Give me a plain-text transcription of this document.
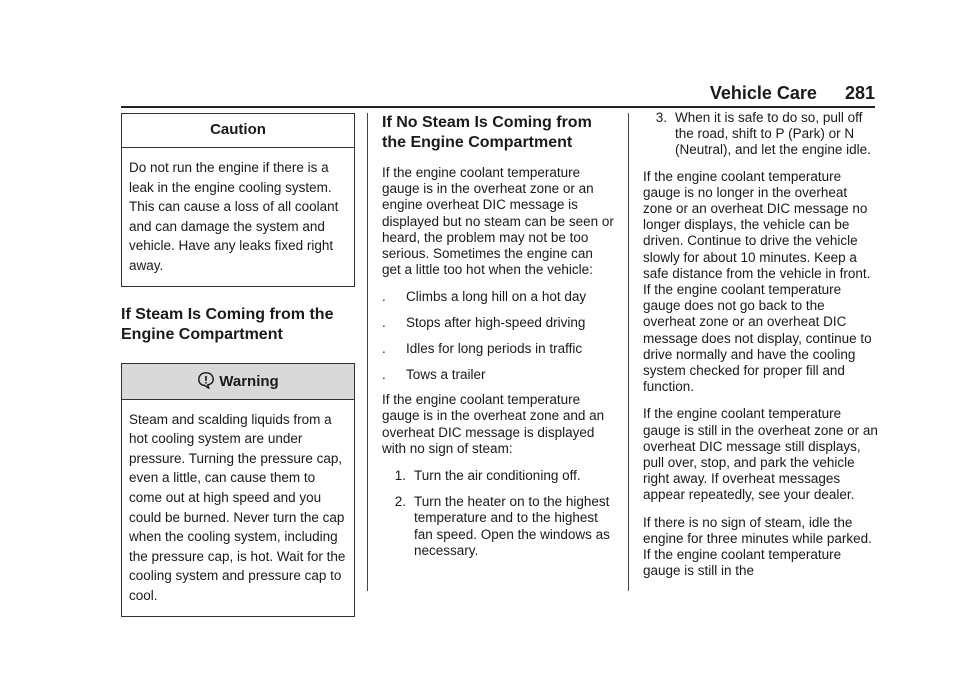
Vehicle Care 281
Caution
Do not run the engine if there is a leak in the engine cooling system. This can cause a loss of all coolant and can damage the system and vehicle. Have any leaks fixed right away.
If Steam Is Coming from the Engine Compartment
Warning
Steam and scalding liquids from a hot cooling system are under pressure. Turning the pressure cap, even a little, can cause them to come out at high speed and you could be burned. Never turn the cap when the cooling system, including the pressure cap, is hot. Wait for the cooling system and pressure cap to cool.
If No Steam Is Coming from the Engine Compartment

If the engine coolant temperature gauge is in the overheat zone or an engine overheat DIC message is displayed but no steam can be seen or heard, the problem may not be too serious. Sometimes the engine can get a little too hot when the vehicle:

.	Climbs a long hill on a hot day
.	Stops after high-speed driving
.	Idles for long periods in traffic
.	Tows a trailer

If the engine coolant temperature gauge is in the overheat zone and an overheat DIC message is displayed with no sign of steam:

1. Turn the air conditioning off.
2. Turn the heater on to the highest temperature and to the highest fan speed. Open the windows as necessary.
3. When it is safe to do so, pull off the road, shift to P (Park) or N (Neutral), and let the engine idle.

If the engine coolant temperature gauge is no longer in the overheat zone or an overheat DIC message no longer displays, the vehicle can be driven. Continue to drive the vehicle slowly for about 10 minutes. Keep a safe distance from the vehicle in front. If the engine coolant temperature gauge does not go back to the overheat zone or an overheat DIC message does not display, continue to drive normally and have the cooling system checked for proper fill and function.

If the engine coolant temperature gauge is still in the overheat zone or an overheat DIC message still displays, pull over, stop, and park the vehicle right away. If overheat messages appear repeatedly, see your dealer.

If there is no sign of steam, idle the engine for three minutes while parked. If the engine coolant temperature gauge is still in the
